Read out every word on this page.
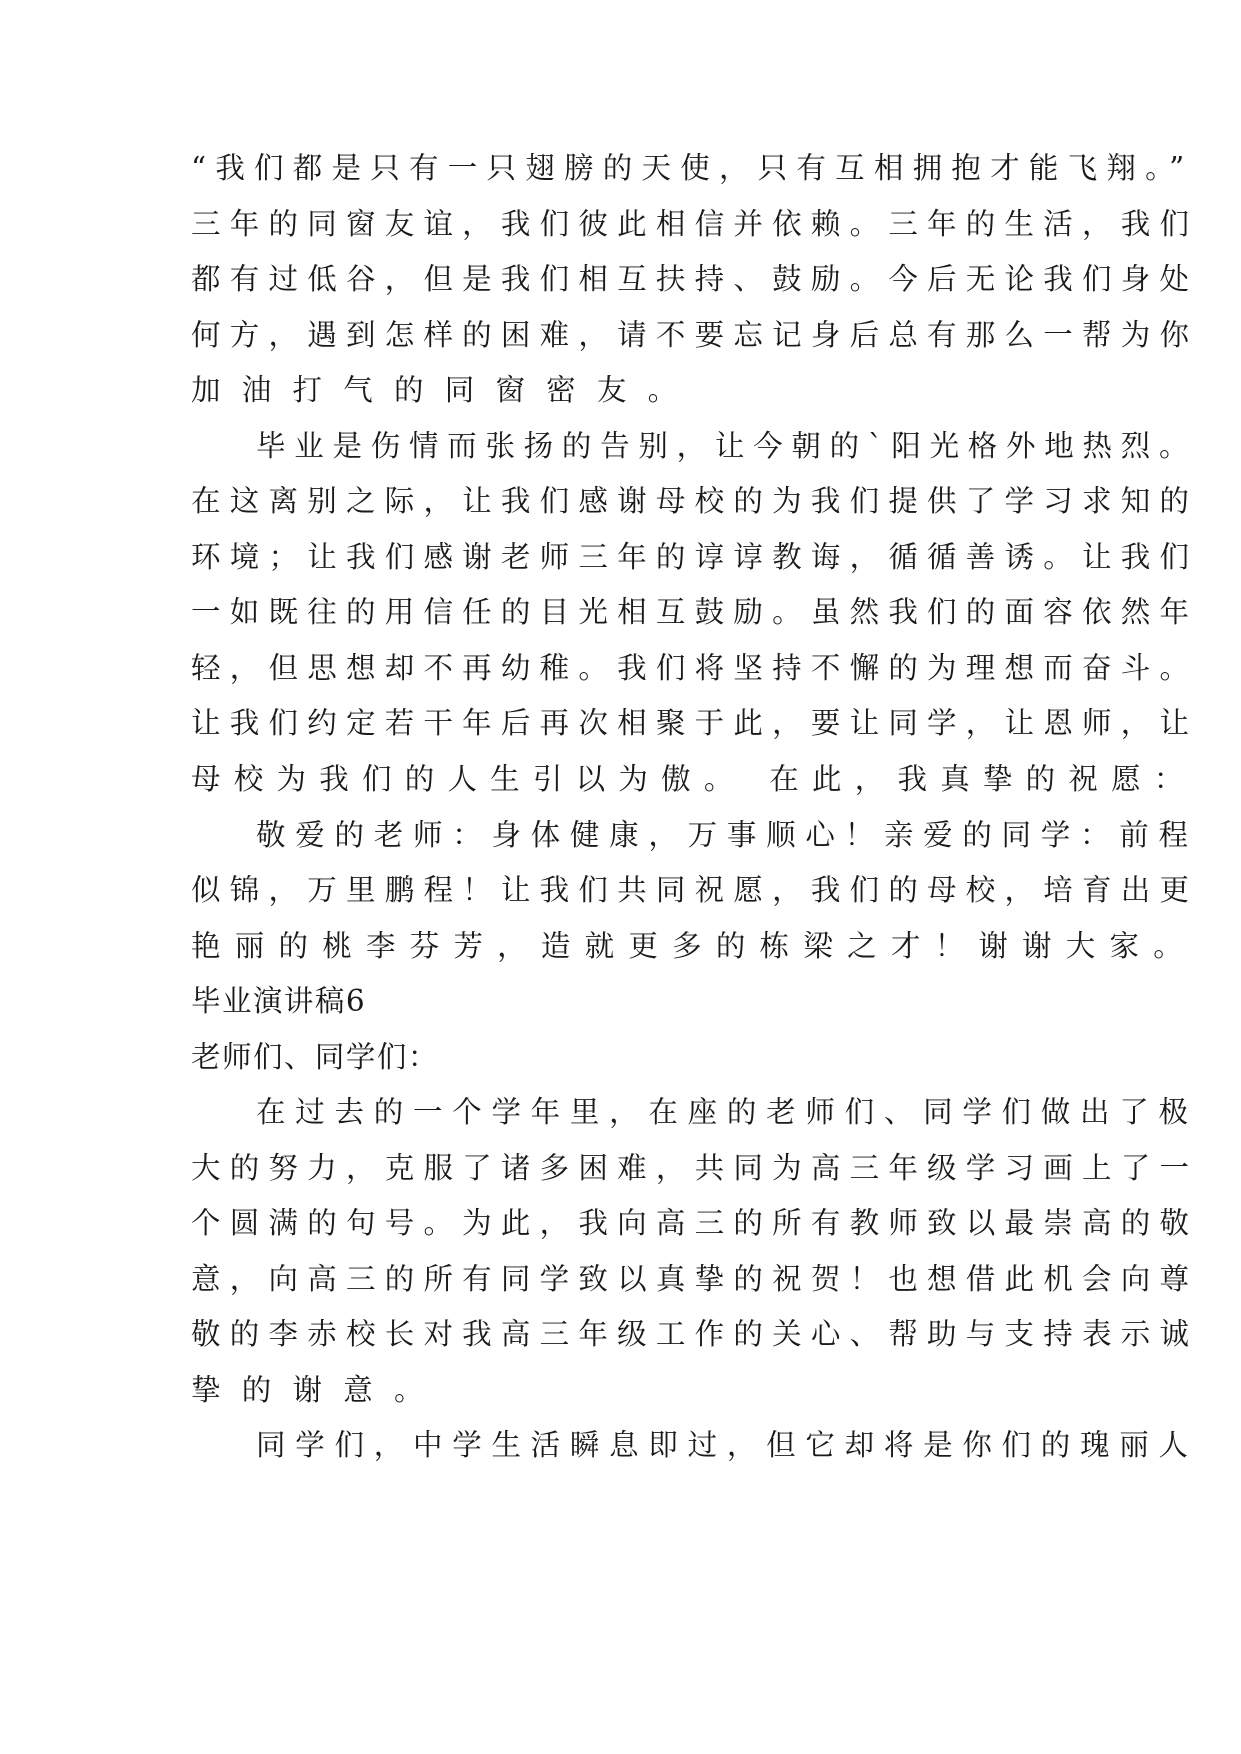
“我们都是只有一只翅膀的天使，只有互相拥抱才能飞翔。”
三年的同窗友谊，我们彼此相信并依赖。三年的生活，我们
都有过低谷，但是我们相互扶持、鼓励。今后无论我们身处
何方，遇到怎样的困难，请不要忘记身后总有那么一帮为你
加油打气的同窗密友。
毕业是伤情而张扬的告别，让今朝的`阳光格外地热烈。
在这离别之际，让我们感谢母校的为我们提供了学习求知的
环境；让我们感谢老师三年的谆谆教诲，循循善诱。让我们
一如既往的用信任的目光相互鼓励。虽然我们的面容依然年
轻，但思想却不再幼稚。我们将坚持不懈的为理想而奋斗。
让我们约定若干年后再次相聚于此，要让同学，让恩师，让
母校为我们的人生引以为傲。 在此，我真挚的祝愿：
敬爱的老师：身体健康，万事顺心！亲爱的同学：前程
似锦，万里鹏程！让我们共同祝愿，我们的母校，培育出更
艳丽的桃李芬芳，造就更多的栋梁之才！谢谢大家。
毕业演讲稿6
老师们、同学们：
在过去的一个学年里，在座的老师们、同学们做出了极
大的努力，克服了诸多困难，共同为高三年级学习画上了一
个圆满的句号。为此，我向高三的所有教师致以最崇高的敬
意，向高三的所有同学致以真挚的祝贺！也想借此机会向尊
敬的李赤校长对我高三年级工作的关心、帮助与支持表示诚
挚的谢意。
同学们，中学生活瞬息即过，但它却将是你们的瑰丽人
